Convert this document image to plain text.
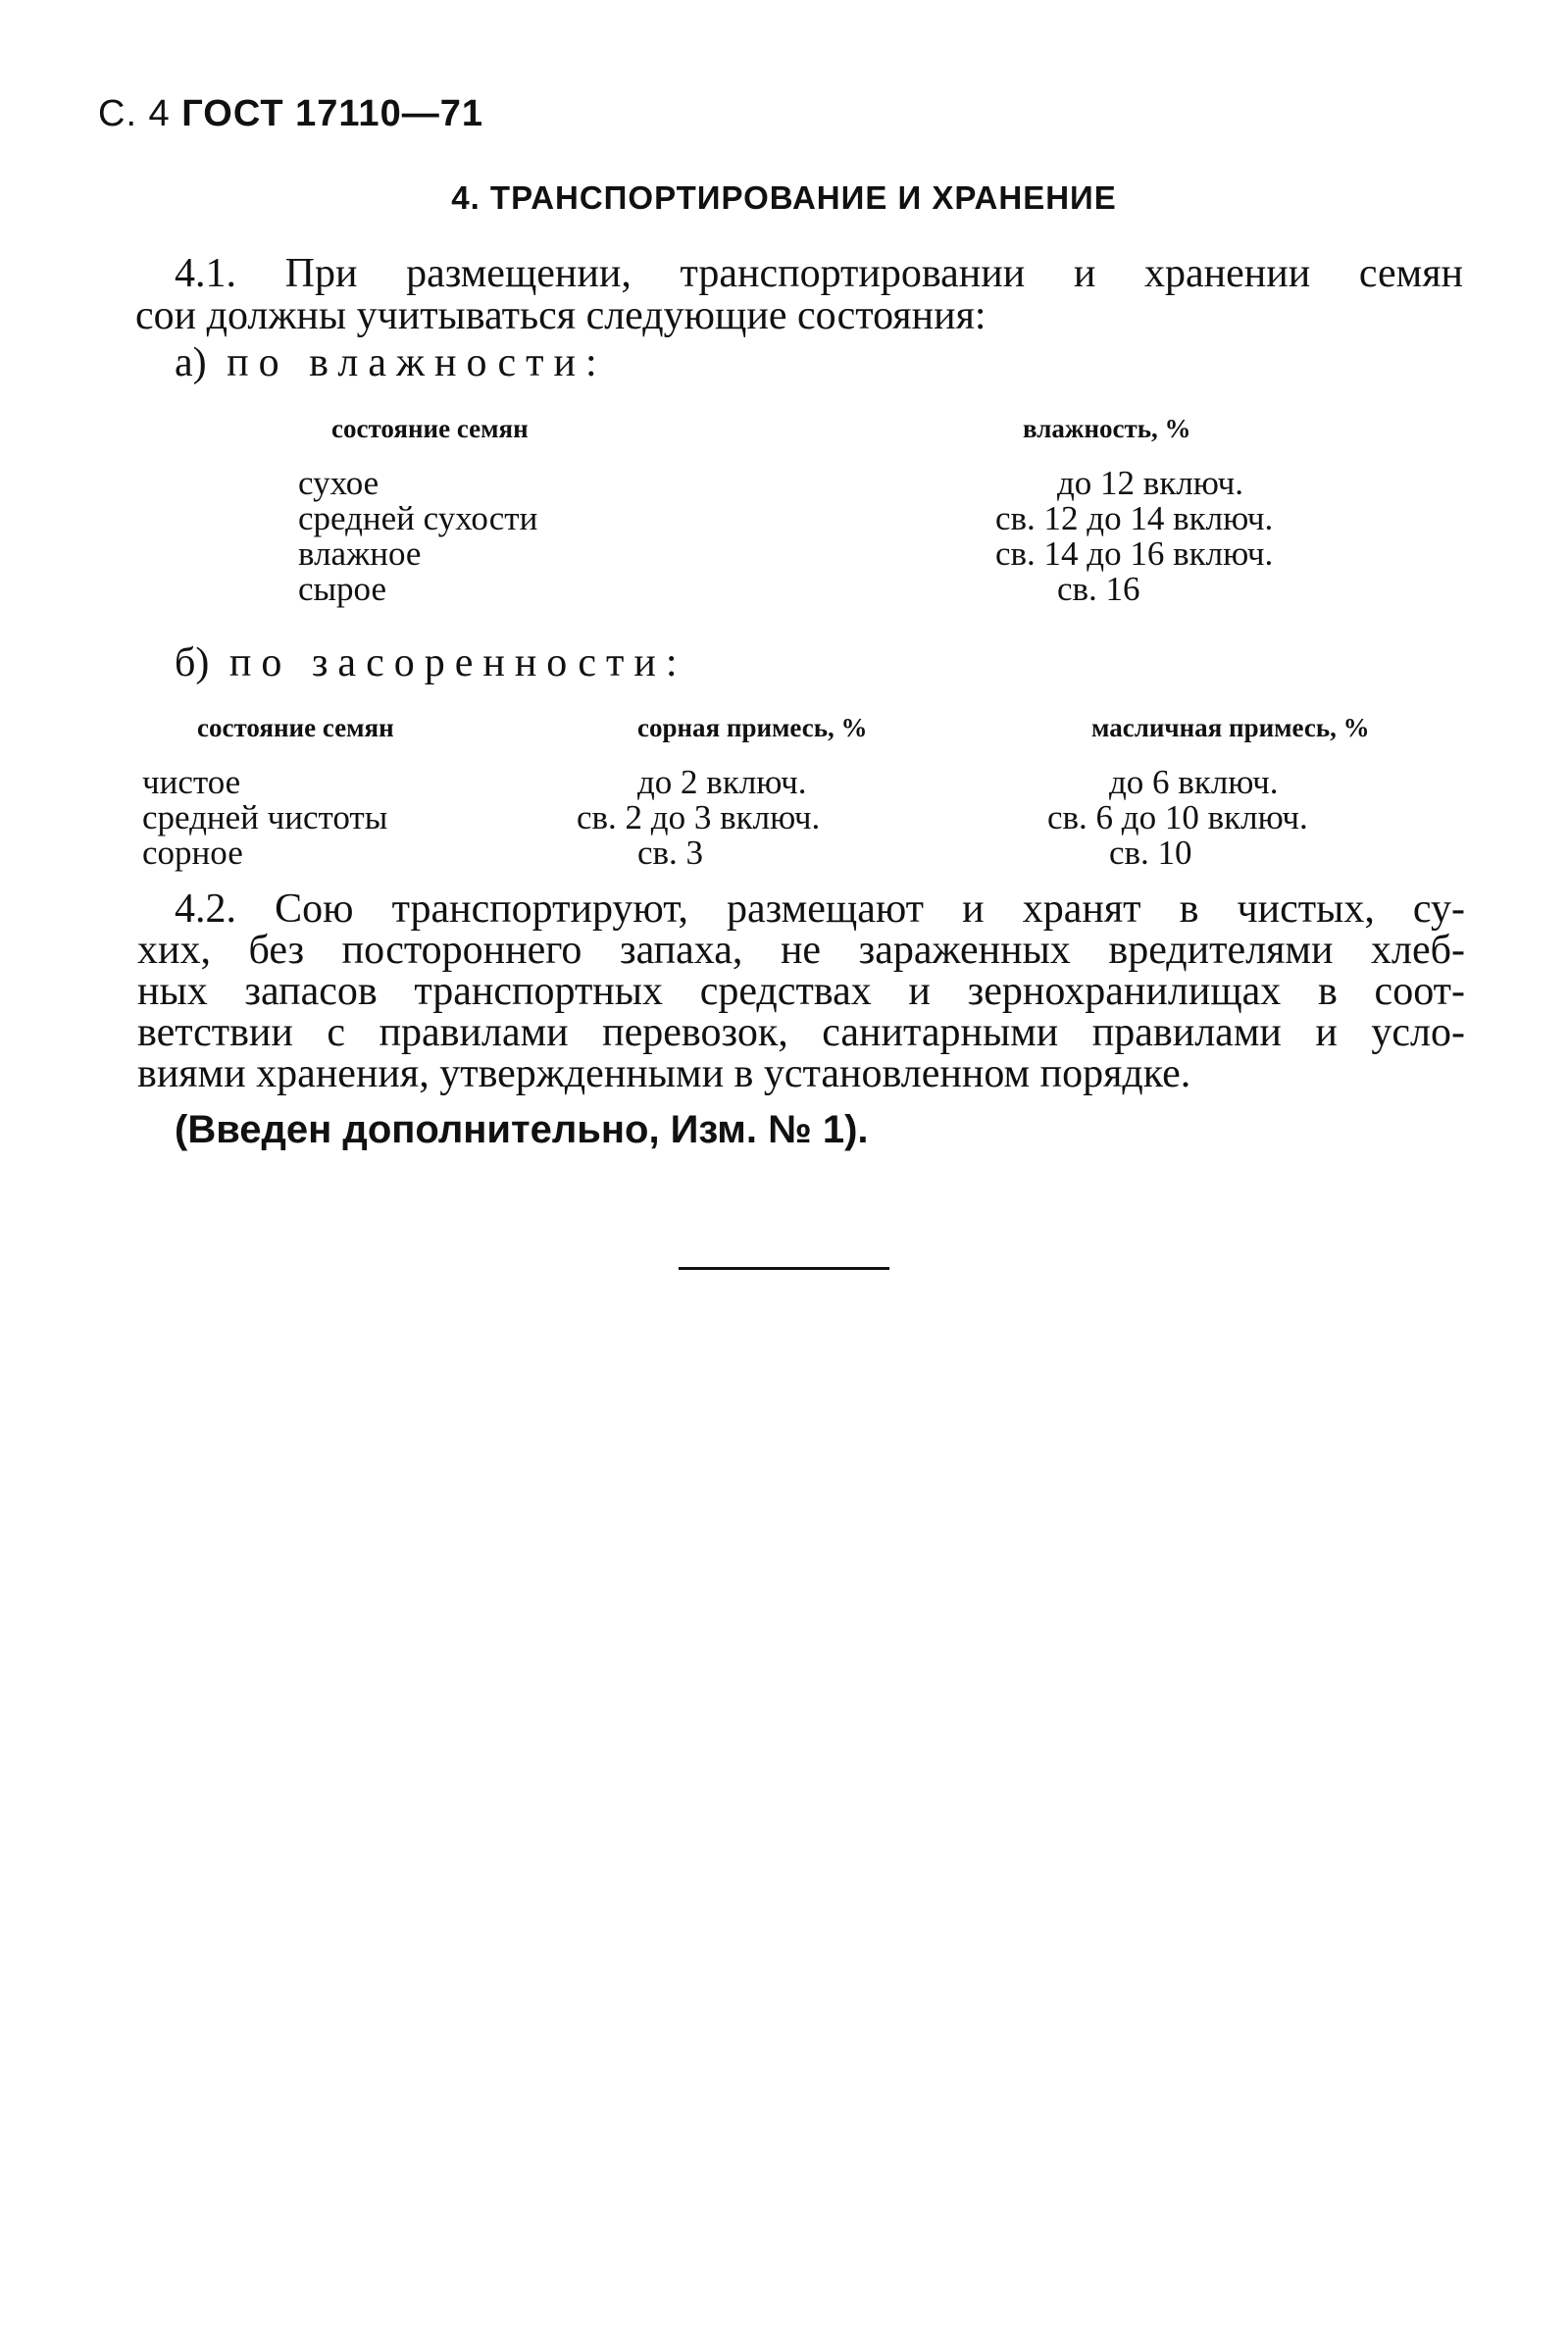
С. 4 ГОСТ 17110—71
4. ТРАНСПОРТИРОВАНИЕ И ХРАНЕНИЕ
4.1. При размещении, транспортировании и хранении семян
сои должны учитываться следующие состояния:
а) по влажности:
состояние семян	влажность, %
сухое	до 12 включ.
средней сухости	св. 12 до 14 включ.
влажное	св. 14 до 16 включ.
сырое	св. 16
б) по засоренности:
состояние семян	сорная примесь, %	масличная примесь, %
чистое	до 2 включ.	до 6 включ.
средней чистоты	св. 2 до 3 включ.	св. 6 до 10 включ.
сорное	св. 3	св. 10
4.2. Сою транспортируют, размещают и хранят в чистых, су-
хих, без постороннего запаха, не зараженных вредителями хлеб-
ных запасов транспортных средствах и зернохранилищах в соот-
ветствии с правилами перевозок, санитарными правилами и усло-
виями хранения, утвержденными в установленном порядке.
(Введен дополнительно, Изм. № 1).
